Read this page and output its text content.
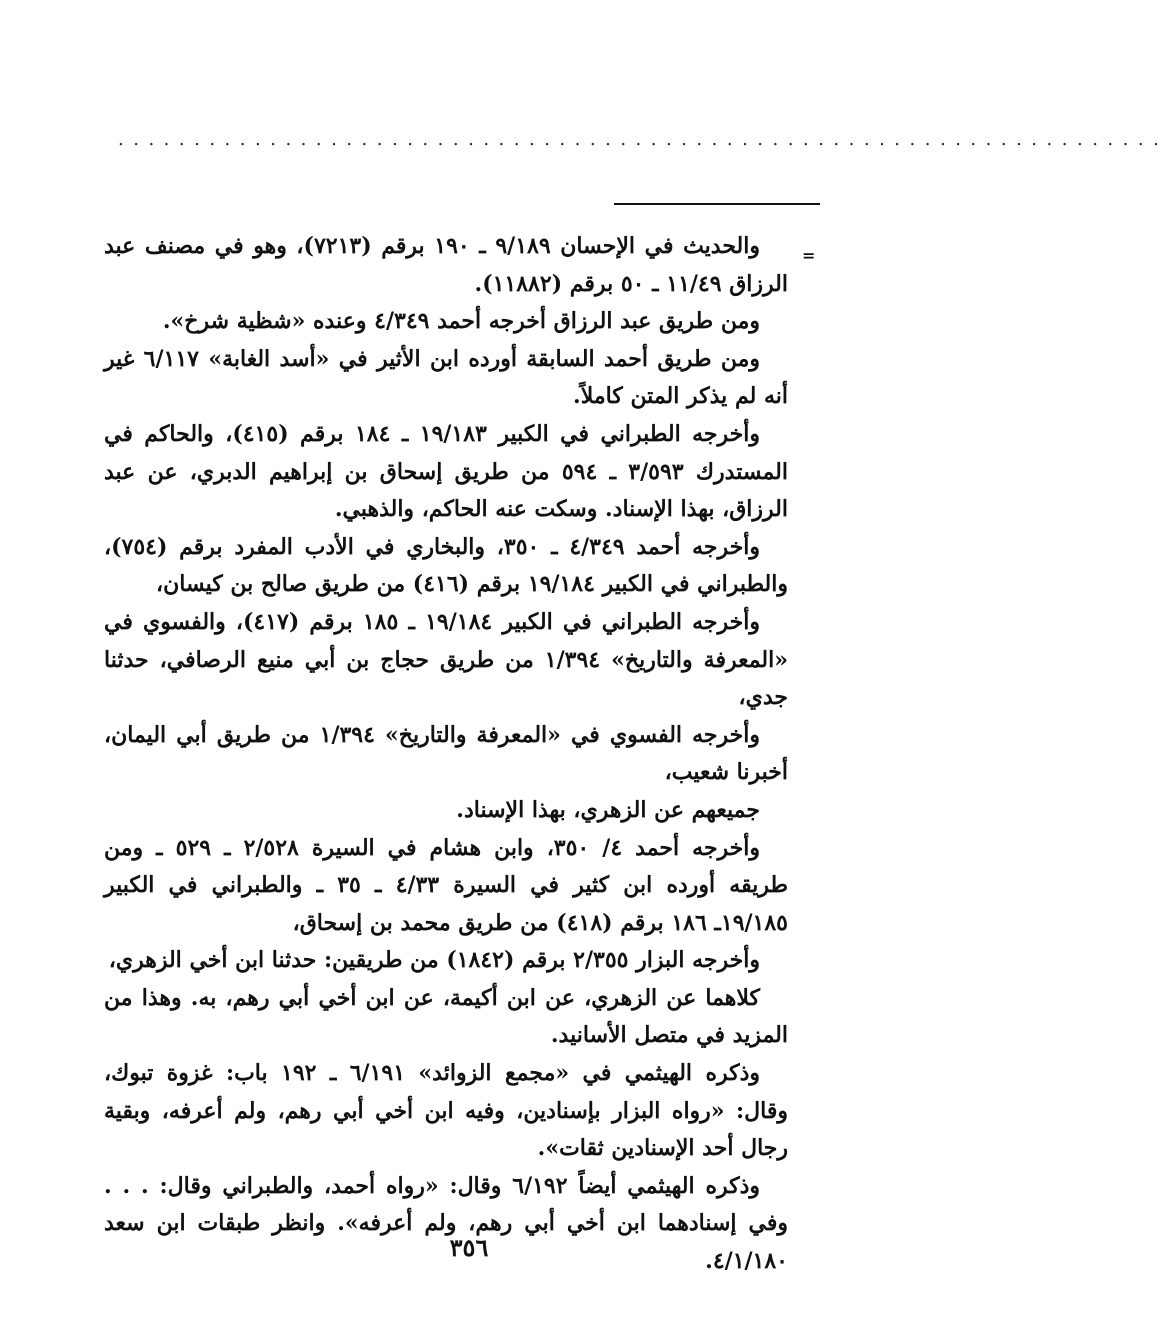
.....................................................................
=

والحديث في الإحسان ٩/١٨٩ ـ ١٩٠ برقم (٧٢١٣)، وهو في مصنف عبد الرزاق ١١/٤٩ ـ ٥٠ برقم (١١٨٨٢).

ومن طريق عبد الرزاق أخرجه أحمد ٤/٣٤٩ وعنده «شظية شرخ».

ومن طريق أحمد السابقة أورده ابن الأثير في «أسد الغابة» ٦/١١٧ غير أنه لم يذكر المتن كاملاً.

وأخرجه الطبراني في الكبير ١٩/١٨٣ ـ ١٨٤ برقم (٤١٥)، والحاكم في المستدرك ٣/٥٩٣ ـ ٥٩٤ من طريق إسحاق بن إبراهيم الدبري، عن عبد الرزاق، بهذا الإسناد. وسكت عنه الحاكم، والذهبي.

وأخرجه أحمد ٤/٣٤٩ ـ ٣٥٠، والبخاري في الأدب المفرد برقم (٧٥٤)، والطبراني في الكبير ١٩/١٨٤ برقم (٤١٦) من طريق صالح بن كيسان،

وأخرجه الطبراني في الكبير ١٩/١٨٤ ـ ١٨٥ برقم (٤١٧)، والفسوي في «المعرفة والتاريخ» ١/٣٩٤ من طريق حجاج بن أبي منيع الرصافي، حدثنا جدي،

وأخرجه الفسوي في «المعرفة والتاريخ» ١/٣٩٤ من طريق أبي اليمان، أخبرنا شعيب،

جميعهم عن الزهري، بهذا الإسناد.

وأخرجه أحمد ٤/ ٣٥٠، وابن هشام في السيرة ٢/٥٢٨ ـ ٥٢٩ ـ ومن طريقه أورده ابن كثير في السيرة ٤/٣٣ ـ ٣٥ ـ والطبراني في الكبير ١٩/١٨٥ـ ١٨٦ برقم (٤١٨) من طريق محمد بن إسحاق،

وأخرجه البزار ٢/٣٥٥ برقم (١٨٤٢) من طريقين: حدثنا ابن أخي الزهري،

كلاهما عن الزهري، عن ابن أكيمة، عن ابن أخي أبي رهم، به. وهذا من المزيد في متصل الأسانيد.

وذكره الهيثمي في «مجمع الزوائد» ٦/١٩١ ـ ١٩٢ باب: غزوة تبوك، وقال: «رواه البزار بإسنادين، وفيه ابن أخي أبي رهم، ولم أعرفه، وبقية رجال أحد الإسنادين ثقات».

وذكره الهيثمي أيضاً ٦/١٩٢ وقال: «رواه أحمد، والطبراني وقال: . . . وفي إسنادهما ابن أخي أبي رهم، ولم أعرفه». وانظر طبقات ابن سعد ٤/١/١٨٠.

٣٥٦
